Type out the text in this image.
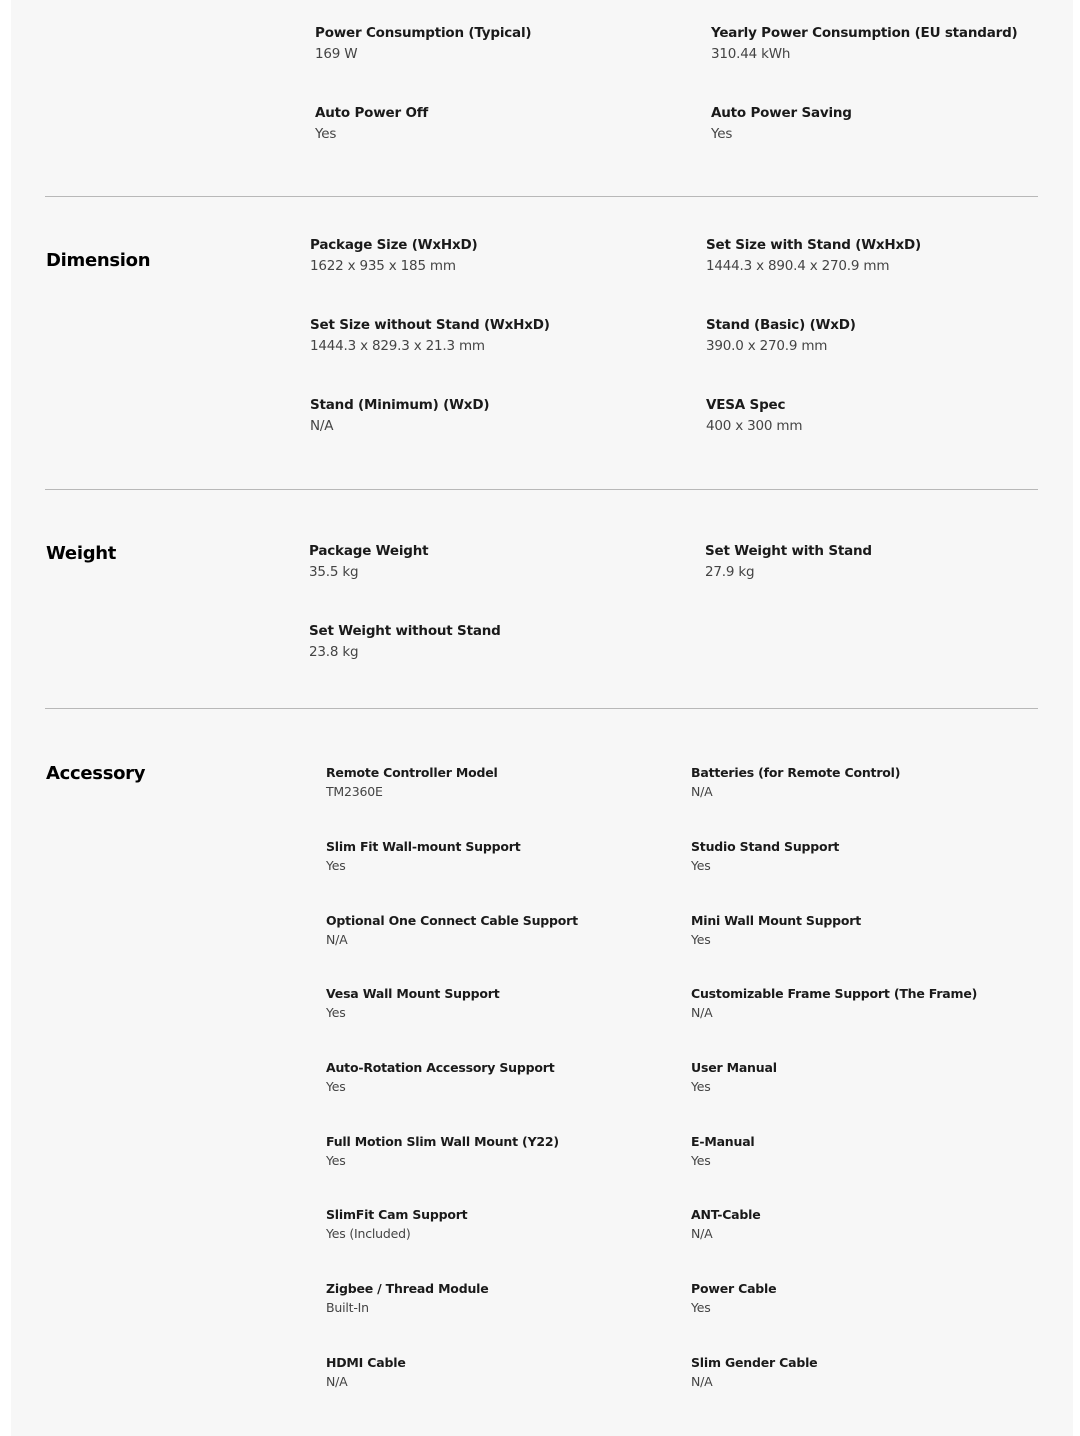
Power Consumption (Typical)
169 W
Yearly Power Consumption (EU standard)
310.44 kWh
Auto Power Off
Yes
Auto Power Saving
Yes
Dimension
Package Size (WxHxD)
1622 x 935 x 185 mm
Set Size with Stand (WxHxD)
1444.3 x 890.4 x 270.9 mm
Set Size without Stand (WxHxD)
1444.3 x 829.3 x 21.3 mm
Stand (Basic) (WxD)
390.0 x 270.9 mm
Stand (Minimum) (WxD)
N/A
VESA Spec
400 x 300 mm
Weight	Package Weight
35.5 kg
Set Weight with Stand
27.9 kg
Set Weight without Stand
23.8 kg
Accessory	Remote Controller Model
TM2360E
Batteries (for Remote Control)
N/A
Slim Fit Wall-mount Support
Yes
Studio Stand Support
Yes
Optional One Connect Cable Support
N/A
Mini Wall Mount Support
Yes
Vesa Wall Mount Support
Yes
Customizable Frame Support (The Frame)
N/A
Auto-Rotation Accessory Support
Yes
User Manual
Yes
Full Motion Slim Wall Mount (Y22)
Yes
E-Manual
Yes
SlimFit Cam Support
Yes (Included)
ANT-Cable
N/A
Zigbee / Thread Module
Built-In
Power Cable
Yes
HDMI Cable
N/A
Slim Gender Cable
N/A
